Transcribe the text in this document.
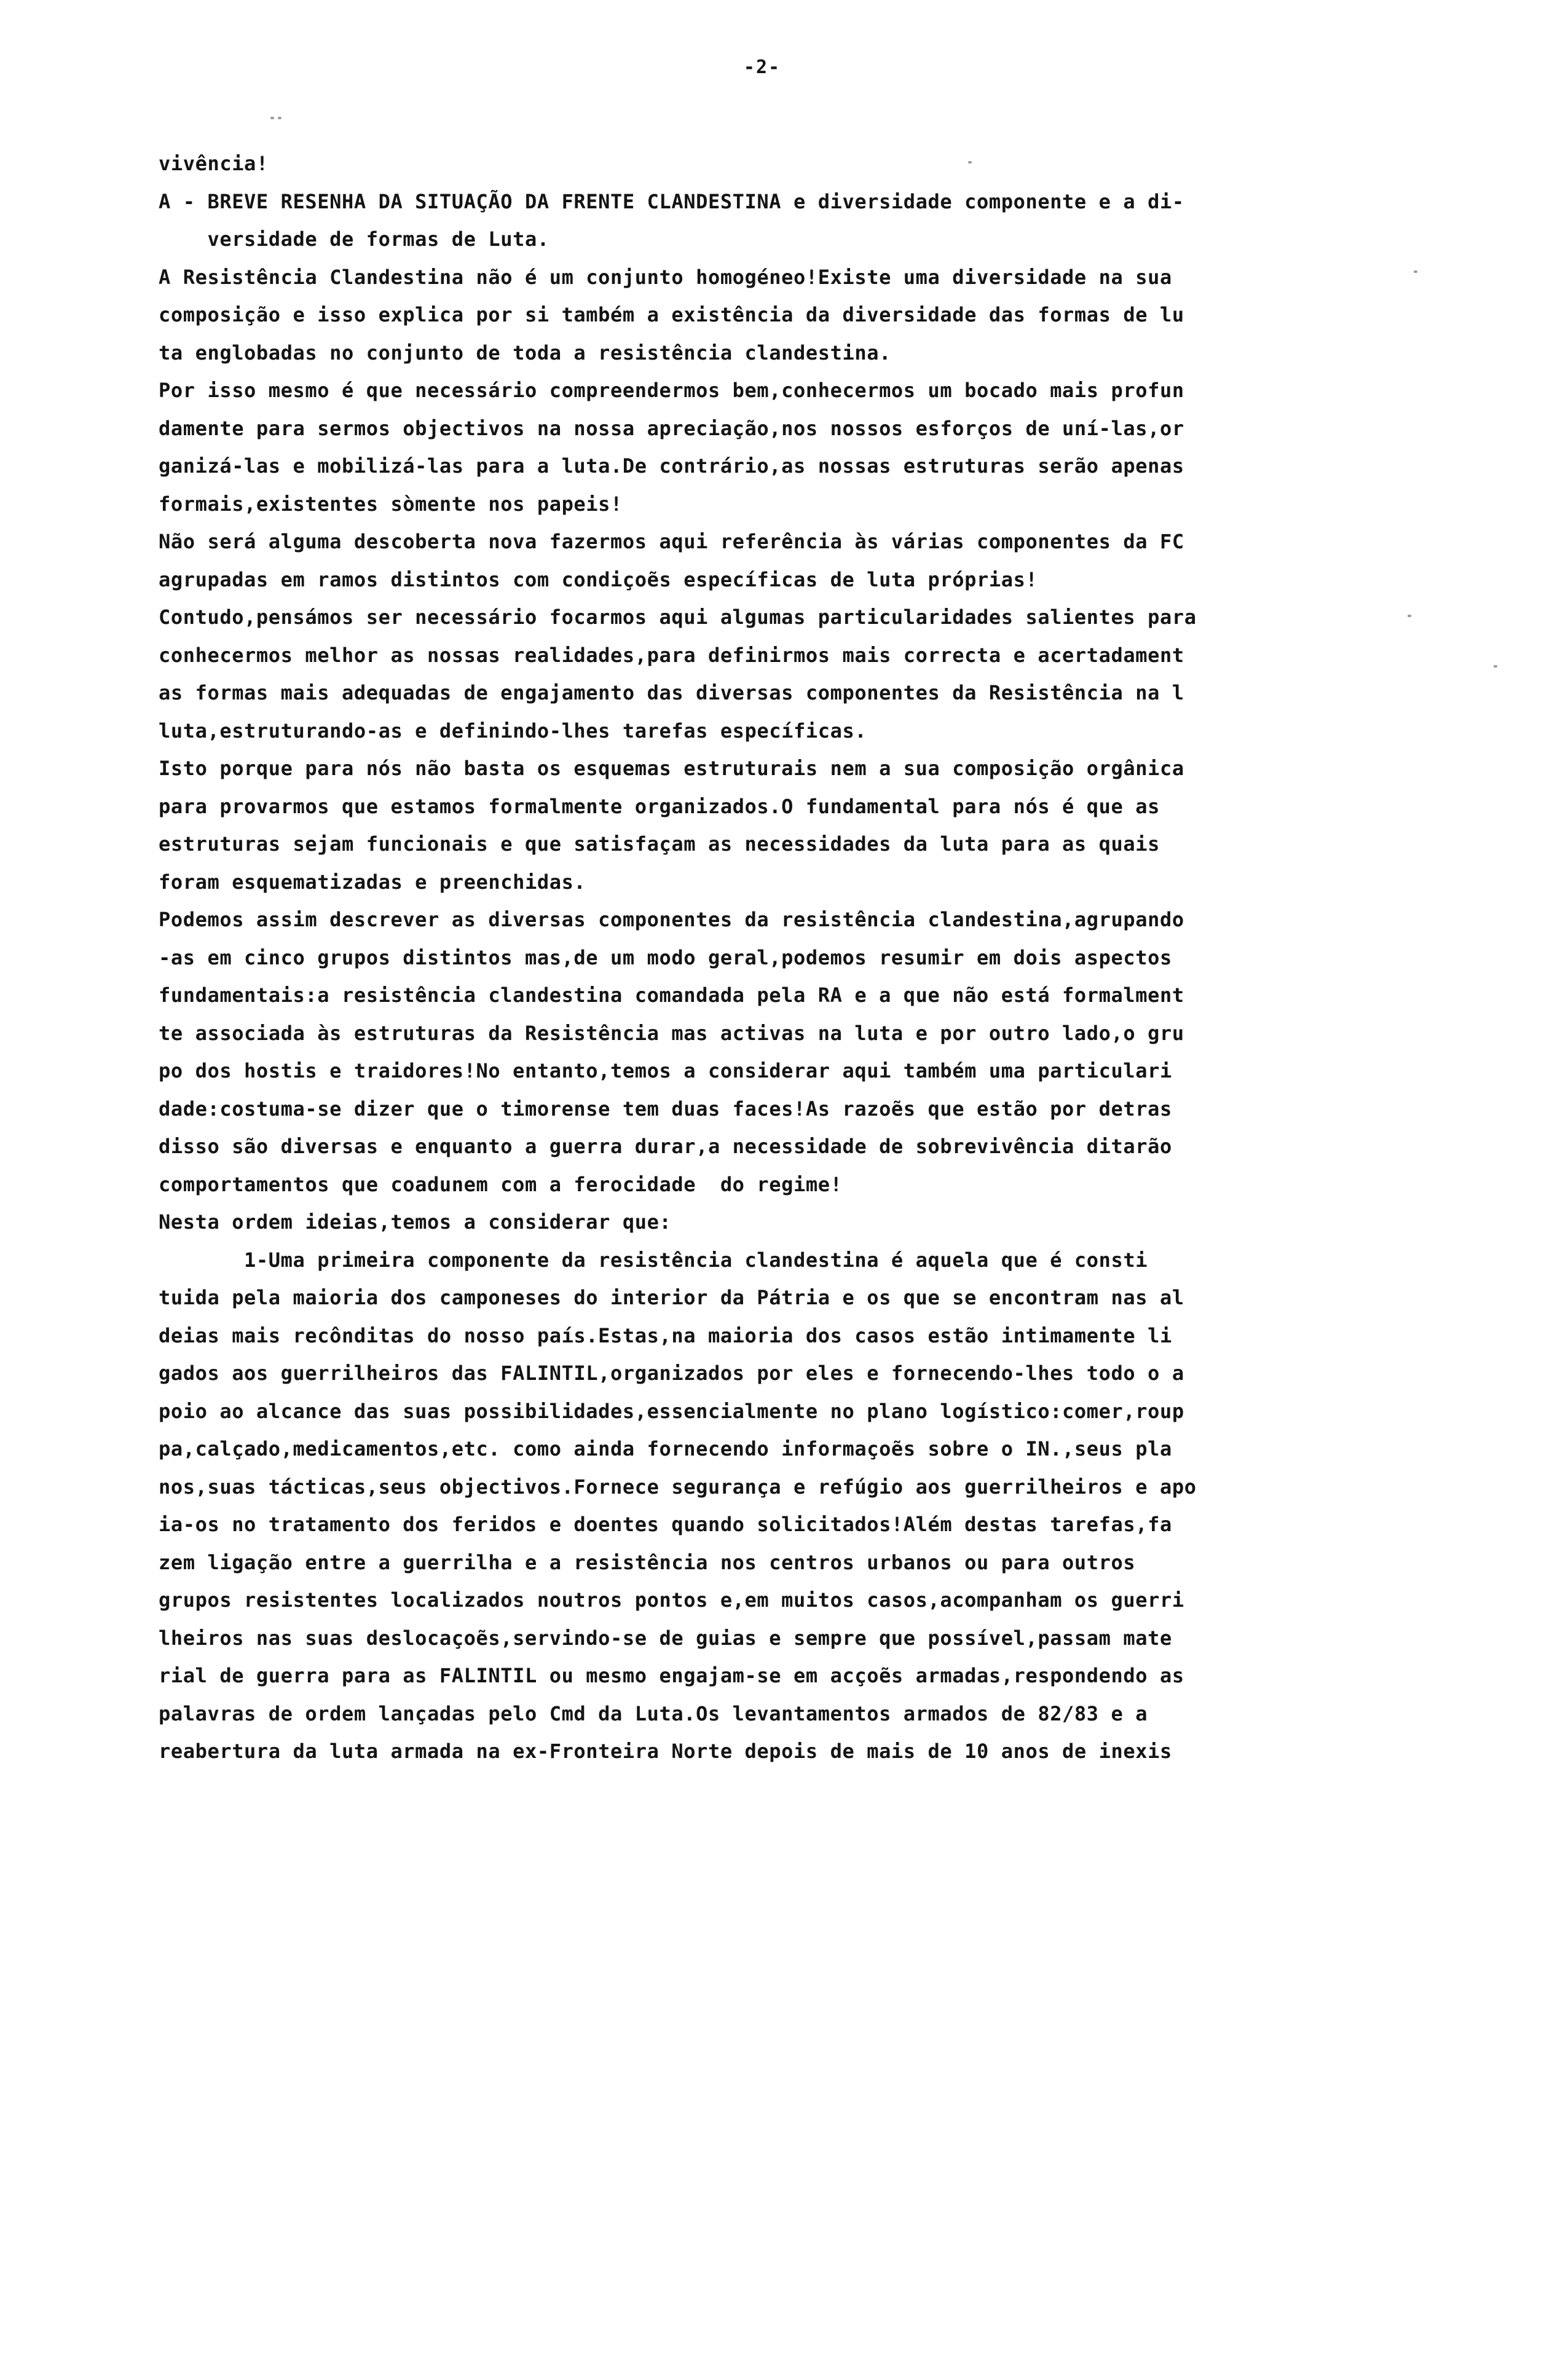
-2-
vivência!
A - BREVE RESENHA DA SITUAÇÃO DA FRENTE CLANDESTINA e diversidade componente e a di-
versidade de formas de Luta.
A Resistência Clandestina não é um conjunto homogéneo!Existe uma diversidade na sua
composição e isso explica por si também a existência da diversidade das formas de lu
ta englobadas no conjunto de toda a resistência clandestina.
Por isso mesmo é que necessário compreendermos bem,conhecermos um bocado mais profun
damente para sermos objectivos na nossa apreciação,nos nossos esforços de uní-las,or
ganizá-las e mobilizá-las para a luta.De contrário,as nossas estruturas serão apenas
formais,existentes sòmente nos papeis!
Não será alguma descoberta nova fazermos aqui referência às várias componentes da FC
agrupadas em ramos distintos com condiçoẽs específicas de luta próprias!
Contudo,pensámos ser necessário focarmos aqui algumas particularidades salientes para
conhecermos melhor as nossas realidades,para definirmos mais correcta e acertadament
as formas mais adequadas de engajamento das diversas componentes da Resistência na l
luta,estruturando-as e definindo-lhes tarefas específicas.
Isto porque para nós não basta os esquemas estruturais nem a sua composição orgânica
para provarmos que estamos formalmente organizados.O fundamental para nós é que as
estruturas sejam funcionais e que satisfaçam as necessidades da luta para as quais
foram esquematizadas e preenchidas.
Podemos assim descrever as diversas componentes da resistência clandestina,agrupando
-as em cinco grupos distintos mas,de um modo geral,podemos resumir em dois aspectos
fundamentais:a resistência clandestina comandada pela RA e a que não está formalment
te associada às estruturas da Resistência mas activas na luta e por outro lado,o gru
po dos hostis e traidores!No entanto,temos a considerar aqui também uma particulari
dade:costuma-se dizer que o timorense tem duas faces!As razoẽs que estão por detras
disso são diversas e enquanto a guerra durar,a necessidade de sobrevivência ditarão
comportamentos que coadunem com a ferocidade  do regime!
Nesta ordem ideias,temos a considerar que:
1-Uma primeira componente da resistência clandestina é aquela que é consti
tuida pela maioria dos camponeses do interior da Pátria e os que se encontram nas al
deias mais recônditas do nosso país.Estas,na maioria dos casos estão intimamente li
gados aos guerrilheiros das FALINTIL,organizados por eles e fornecendo-lhes todo o a
poio ao alcance das suas possibilidades,essencialmente no plano logístico:comer,roup
pa,calçado,medicamentos,etc. como ainda fornecendo informaçoẽs sobre o IN.,seus pla
nos,suas tácticas,seus objectivos.Fornece segurança e refúgio aos guerrilheiros e apo
ia-os no tratamento dos feridos e doentes quando solicitados!Além destas tarefas,fa
zem ligação entre a guerrilha e a resistência nos centros urbanos ou para outros
grupos resistentes localizados noutros pontos e,em muitos casos,acompanham os guerri
lheiros nas suas deslocaçoẽs,servindo-se de guias e sempre que possível,passam mate
rial de guerra para as FALINTIL ou mesmo engajam-se em acçoẽs armadas,respondendo as
palavras de ordem lançadas pelo Cmd da Luta.Os levantamentos armados de 82/83 e a
reabertura da luta armada na ex-Fronteira Norte depois de mais de 10 anos de inexis
